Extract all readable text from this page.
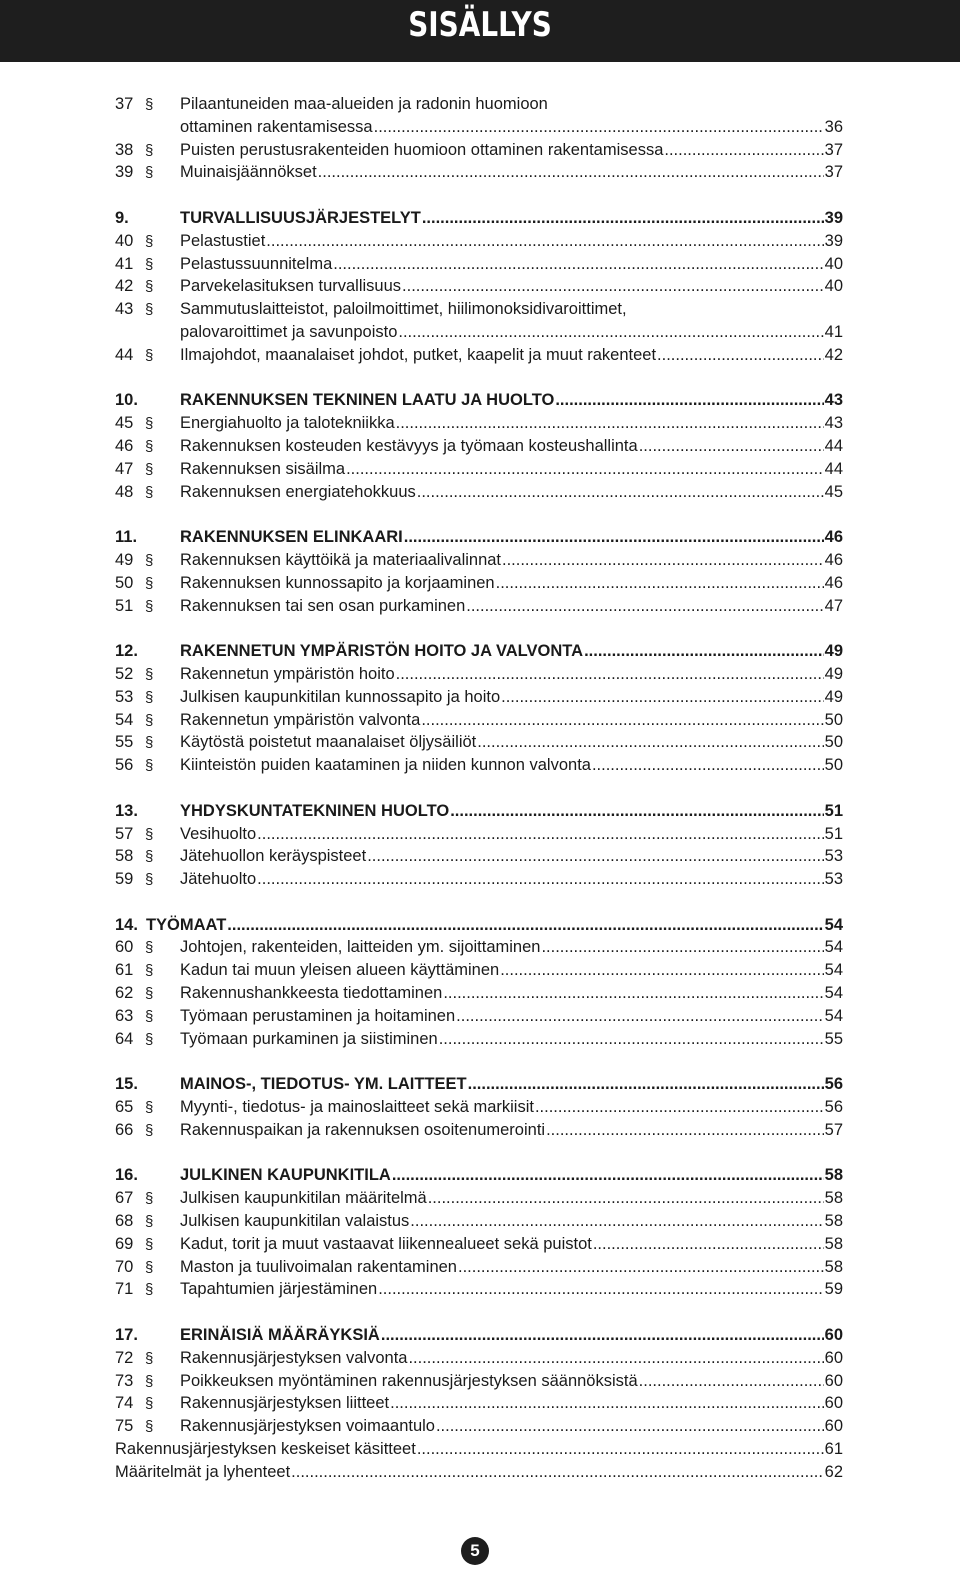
SISÄLLYS
37 §	Pilaantuneiden maa-alueiden ja radonin huomioon
ottaminen rakentamisessa .....	36
38 §	Puisten perustusrakenteiden huomioon ottaminen rakentamisessa .....	37
39 §	Muinaisjäännökset .....	37
9.	TURVALLISUUSJÄRJESTELYT .....	39
40 §	Pelastustiet .....	39
41 §	Pelastussuunnitelma .....	40
42 §	Parvekelasituksen turvallisuus .....	40
43 §	Sammutuslaitteistot, paloilmoittimet, hiilimonoksidivaroittimet,
palovaroittimet ja savunpoisto .....	41
44 §	Ilmajohdot, maanalaiset johdot, putket, kaapelit ja muut rakenteet .....	42
10.	RAKENNUKSEN TEKNINEN LAATU JA HUOLTO .....	43
45 §	Energiahuolto ja talotekniikka .....	43
46 §	Rakennuksen kosteuden kestävyys ja työmaan kosteushallinta .....	44
47 §	Rakennuksen sisäilma .....	44
48 §	Rakennuksen energiatehokkuus .....	45
11.	RAKENNUKSEN ELINKAARI .....	46
49 §	Rakennuksen käyttöikä ja materiaalivalinnat .....	46
50 §	Rakennuksen kunnossapito ja korjaaminen .....	46
51 §	Rakennuksen tai sen osan purkaminen .....	47
12.	RAKENNETUN YMPÄRISTÖN HOITO JA VALVONTA .....	49
52 §	Rakennetun ympäristön hoito .....	49
53 §	Julkisen kaupunkitilan kunnossapito ja hoito .....	49
54 §	Rakennetun ympäristön valvonta .....	50
55 §	Käytöstä poistetut maanalaiset öljysäiliöt .....	50
56 §	Kiinteistön puiden kaataminen ja niiden kunnon valvonta .....	50
13.	YHDYSKUNTATEKNINEN HUOLTO .....	51
57 §	Vesihuolto .....	51
58 §	Jätehuollon keräyspisteet .....	53
59 §	Jätehuolto .....	53
14. TYÖMAAT .....	54
60 §	Johtojen, rakenteiden, laitteiden ym. sijoittaminen .....	54
61 §	Kadun tai muun yleisen alueen käyttäminen .....	54
62 §	Rakennushankkeesta tiedottaminen .....	54
63 §	Työmaan perustaminen ja hoitaminen .....	54
64 §	Työmaan purkaminen ja siistiminen .....	55
15.	MAINOS-, TIEDOTUS- YM. LAITTEET .....	56
65 §	Myynti-, tiedotus- ja mainoslaitteet sekä markiisit .....	56
66 §	Rakennuspaikan ja rakennuksen osoitenumerointi .....	57
16.	JULKINEN KAUPUNKITILA .....	58
67 §	Julkisen kaupunkitilan määritelmä .....	58
68 §	Julkisen kaupunkitilan valaistus .....	58
69 §	Kadut, torit ja muut vastaavat liikennealueet sekä puistot .....	58
70 §	Maston ja tuulivoimalan rakentaminen .....	58
71 §	Tapahtumien järjestäminen .....	59
17.	ERINÄISIÄ MÄÄRÄYKSIÄ .....	60
72 §	Rakennusjärjestyksen valvonta .....	60
73 §	Poikkeuksen myöntäminen rakennusjärjestyksen säännöksistä .....	60
74 §	Rakennusjärjestyksen liitteet .....	60
75 §	Rakennusjärjestyksen voimaantulo .....	60
Rakennusjärjestyksen keskeiset käsitteet .....	61
Määritelmät ja lyhenteet .....	62
5
